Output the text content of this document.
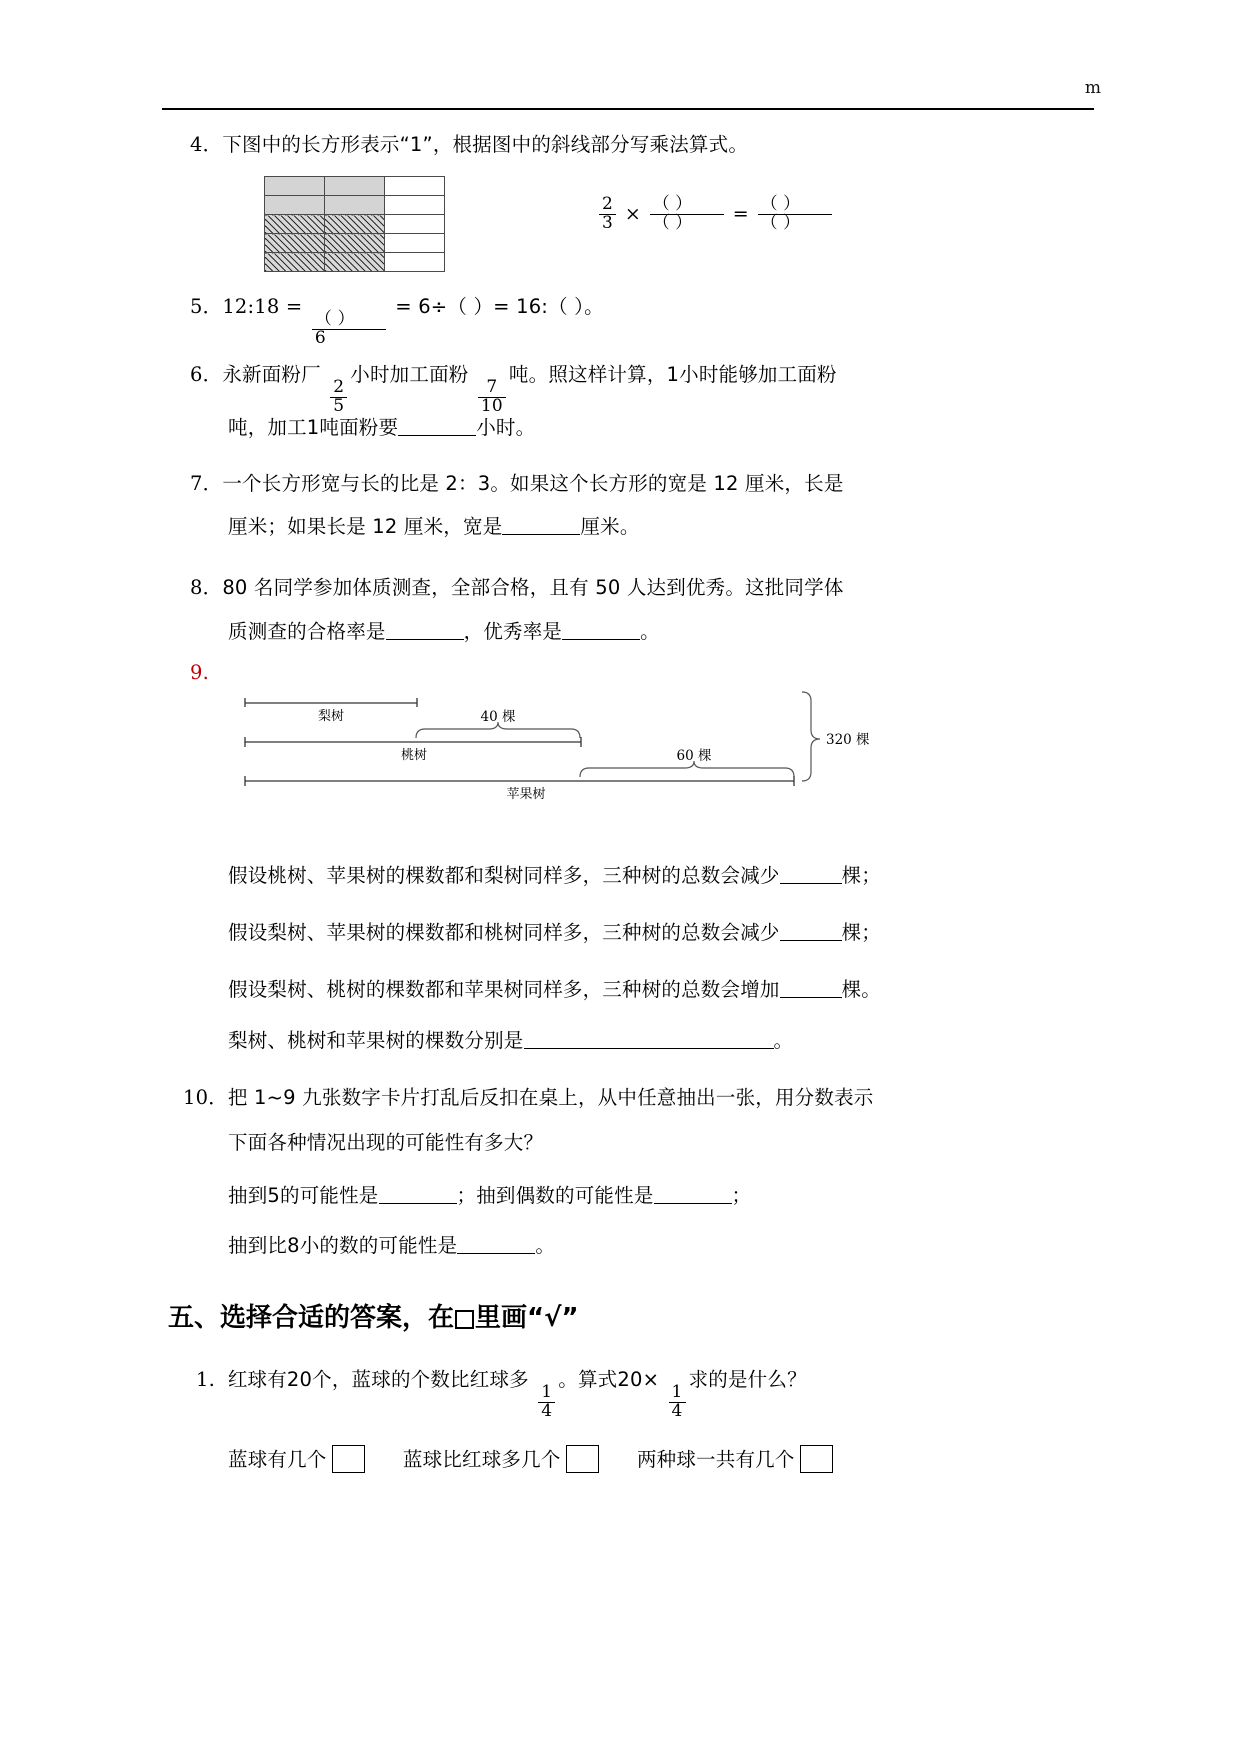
m
4．下图中的长方形表示“1”，根据图中的斜线部分写乘法算式。

$\frac{2}{3} \times \frac{( )}{( )} = \frac{( )}{( )}$
5．12:18 =
$\frac{( )}{6}$
= 6÷（ ）= 16:（ ）。
6．永新面粉厂
$\frac{2}{5}$
小时加工面粉
$\frac{7}{10}$
吨。照这样计算，1小时能够加工面粉
吨，加工1吨面粉要	小时。
7．一个长方形宽与长的比是 2：3。如果这个长方形的宽是 12 厘米，长是
厘米；如果长是 12 厘米，宽是	厘米。
8．80 名同学参加体质测查，全部合格，且有 50 人达到优秀。这批同学体
质测查的合格率是	，优秀率是	。
9.
梨树	40 棵
桃树	60 棵
苹果树
320 棵
假设桃树、苹果树的棵数都和梨树同样多，三种树的总数会减少	棵；
假设梨树、苹果树的棵数都和桃树同样多，三种树的总数会减少	棵；
假设梨树、桃树的棵数都和苹果树同样多，三种树的总数会增加	棵。
梨树、桃树和苹果树的棵数分别是	。
10．把 1~9 九张数字卡片打乱后反扣在桌上，从中任意抽出一张，用分数表示
下面各种情况出现的可能性有多大？
抽到5的可能性是	；抽到偶数的可能性是	；
抽到比8小的数的可能性是	。
五、选择合适的答案，在 里画“√”
1. 红球有20个，蓝球的个数比红球多
$\frac{1}{4}$
。算式20×
$\frac{1}{4}$
求的是什么？
蓝球有几个	蓝球比红球多几个	两种球一共有几个
